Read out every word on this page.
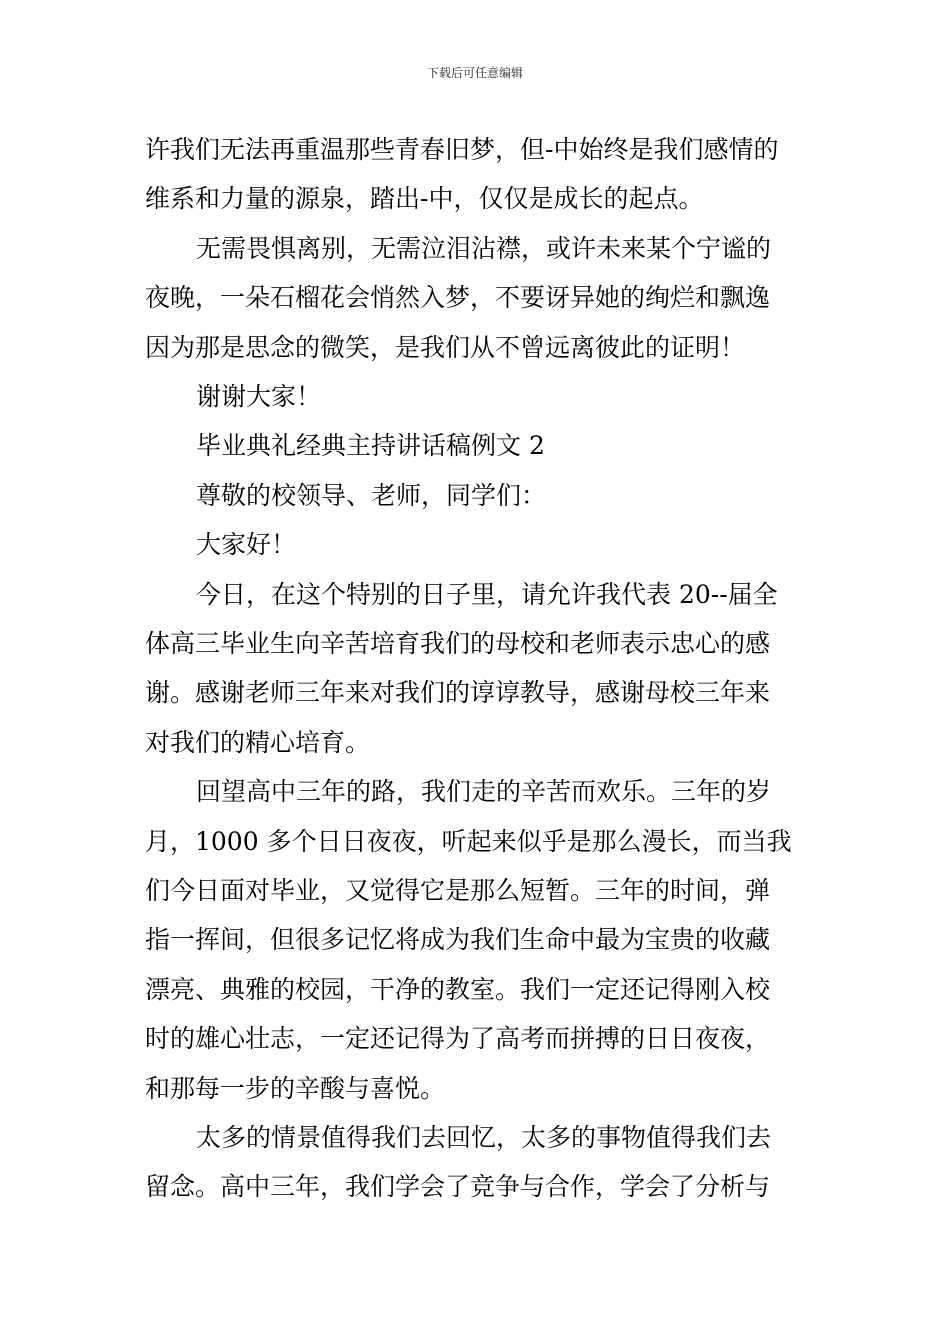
下载后可任意编辑
许我们无法再重温那些青春旧梦，但-中始终是我们感情的
维系和力量的源泉，踏出-中，仅仅是成长的起点。
无需畏惧离别，无需泣泪沾襟，或许未来某个宁谧的
夜晚，一朵石榴花会悄然入梦，不要讶异她的绚烂和飘逸
因为那是思念的微笑，是我们从不曾远离彼此的证明！
谢谢大家！
毕业典礼经典主持讲话稿例文 2
尊敬的校领导、老师，同学们：
大家好！
今日，在这个特别的日子里，请允许我代表 20--届全
体高三毕业生向辛苦培育我们的母校和老师表示忠心的感
谢。感谢老师三年来对我们的谆谆教导，感谢母校三年来
对我们的精心培育。
回望高中三年的路，我们走的辛苦而欢乐。三年的岁
月，1000 多个日日夜夜，听起来似乎是那么漫长，而当我
们今日面对毕业，又觉得它是那么短暂。三年的时间，弹
指一挥间，但很多记忆将成为我们生命中最为宝贵的收藏
漂亮、典雅的校园，干净的教室。我们一定还记得刚入校
时的雄心壮志，一定还记得为了高考而拼搏的日日夜夜，
和那每一步的辛酸与喜悦。
太多的情景值得我们去回忆，太多的事物值得我们去
留念。高中三年，我们学会了竞争与合作，学会了分析与
